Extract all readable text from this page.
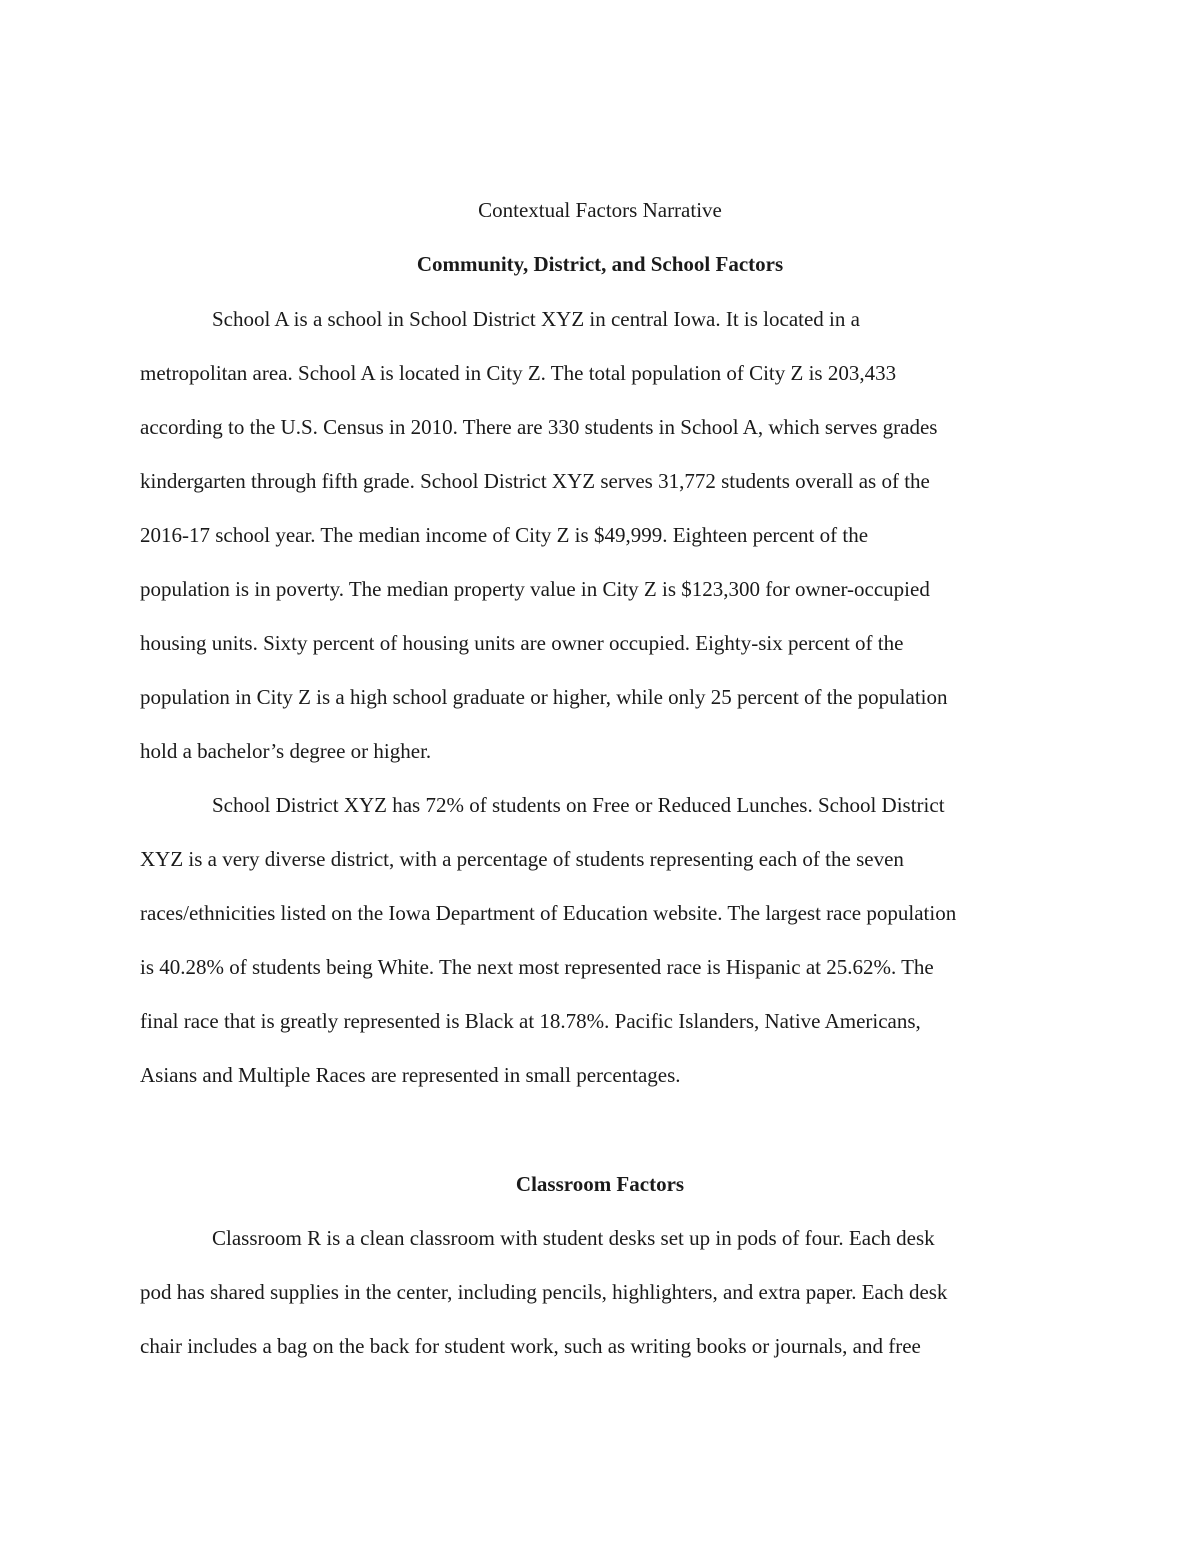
Contextual Factors Narrative
Community, District, and School Factors
School A is a school in School District XYZ in central Iowa. It is located in a
metropolitan area. School A is located in City Z. The total population of City Z is 203,433
according to the U.S. Census in 2010. There are 330 students in School A, which serves grades
kindergarten through fifth grade. School District XYZ serves 31,772 students overall as of the
2016-17 school year. The median income of City Z is $49,999. Eighteen percent of the
population is in poverty. The median property value in City Z is $123,300 for owner-occupied
housing units. Sixty percent of housing units are owner occupied. Eighty-six percent of the
population in City Z is a high school graduate or higher, while only 25 percent of the population
hold a bachelor’s degree or higher.
School District XYZ has 72% of students on Free or Reduced Lunches. School District
XYZ is a very diverse district, with a percentage of students representing each of the seven
races/ethnicities listed on the Iowa Department of Education website. The largest race population
is 40.28% of students being White. The next most represented race is Hispanic at 25.62%. The
final race that is greatly represented is Black at 18.78%. Pacific Islanders, Native Americans,
Asians and Multiple Races are represented in small percentages.
Classroom Factors
Classroom R is a clean classroom with student desks set up in pods of four. Each desk
pod has shared supplies in the center, including pencils, highlighters, and extra paper. Each desk
chair includes a bag on the back for student work, such as writing books or journals, and free
